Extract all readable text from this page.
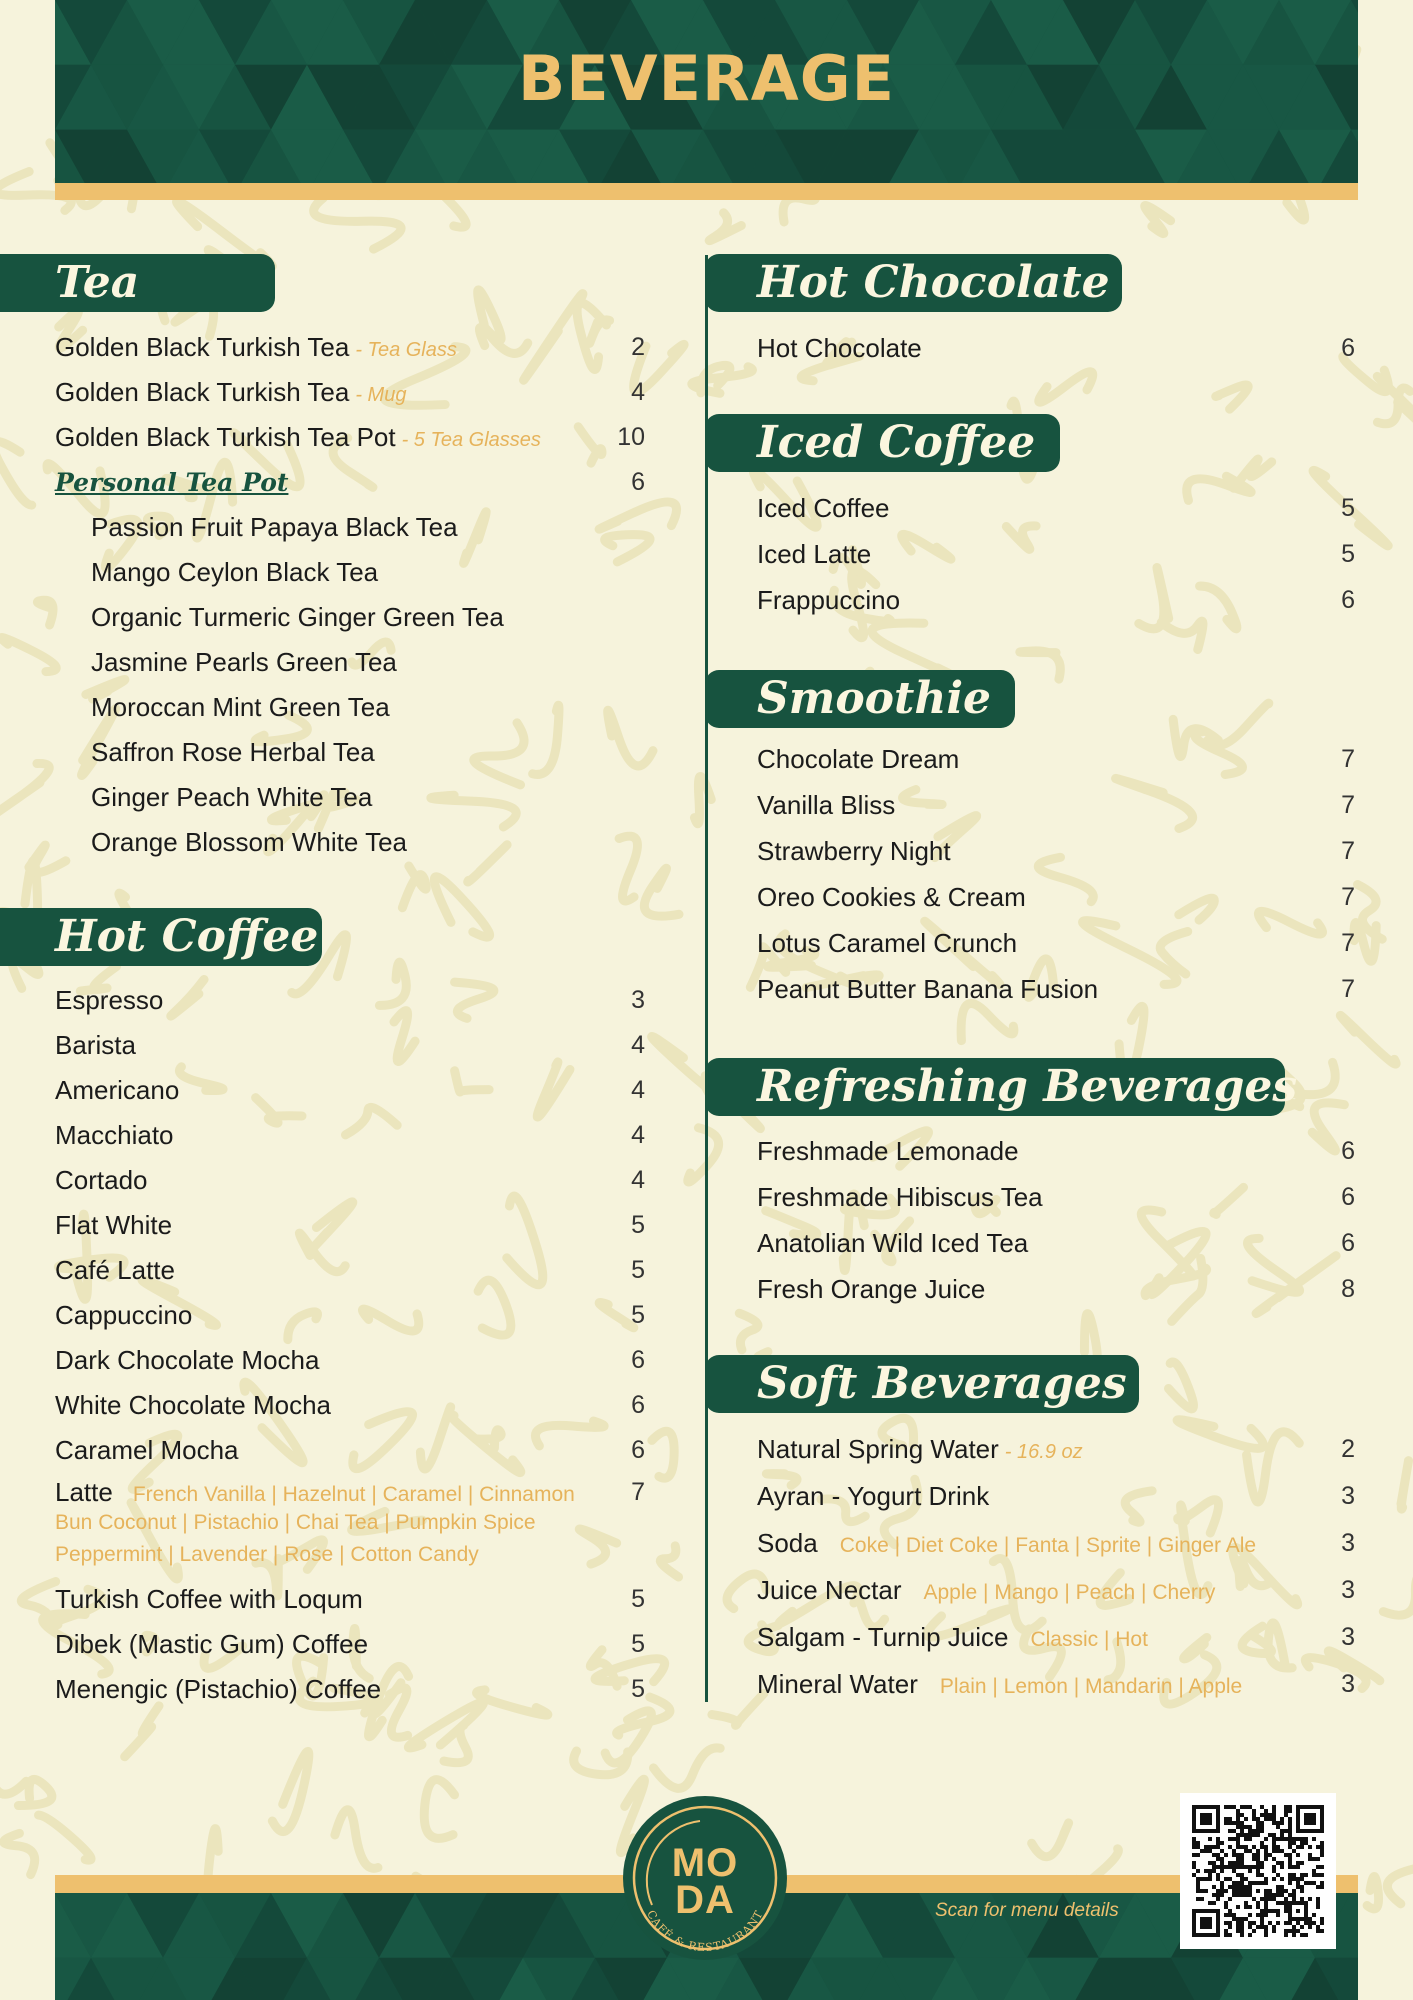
BEVERAGE
Tea
Golden Black Turkish Tea - Tea Glass	2
Golden Black Turkish Tea - Mug	4
Golden Black Turkish Tea Pot - 5 Tea Glasses	10
Personal Tea Pot	6
Passion Fruit Papaya Black Tea
Mango Ceylon Black Tea
Organic Turmeric Ginger Green Tea
Jasmine Pearls Green Tea
Moroccan Mint Green Tea
Saffron Rose Herbal Tea
Ginger Peach White Tea
Orange Blossom White Tea
Hot Coffee
Espresso	3
Barista	4
Americano	4
Macchiato	4
Cortado	4
Flat White	5
Café Latte	5
Cappuccino	5
Dark Chocolate Mocha	6
White Chocolate Mocha	6
Caramel Mocha	6
Latte French Vanilla | Hazelnut | Caramel | Cinnamon 7
Bun Coconut | Pistachio | Chai Tea | Pumpkin Spice
Peppermint | Lavender | Rose | Cotton Candy
Turkish Coffee with Loqum	5
Dibek (Mastic Gum) Coffee	5
Menengic (Pistachio) Coffee	5
Hot Chocolate
Hot Chocolate	6
Iced Coffee
Iced Coffee	5
Iced Latte	5
Frappuccino	6
Smoothie
Chocolate Dream	7
Vanilla Bliss	7
Strawberry Night	7
Oreo Cookies & Cream	7
Lotus Caramel Crunch	7
Peanut Butter Banana Fusion	7
Refreshing Beverages
Freshmade Lemonade	6
Freshmade Hibiscus Tea	6
Anatolian Wild Iced Tea	6
Fresh Orange Juice	8
Soft Beverages
Natural Spring Water - 16.9 oz	2
Ayran - Yogurt Drink	3
Soda Coke | Diet Coke | Fanta | Sprite | Ginger Ale	3
Juice Nectar Apple | Mango | Peach | Cherry	3
Salgam - Turnip Juice Classic | Hot	3
Mineral Water Plain | Lemon | Mandarin | Apple	3
MO
DA
CAFÉ & RESTAURANT	Scan for menu details
